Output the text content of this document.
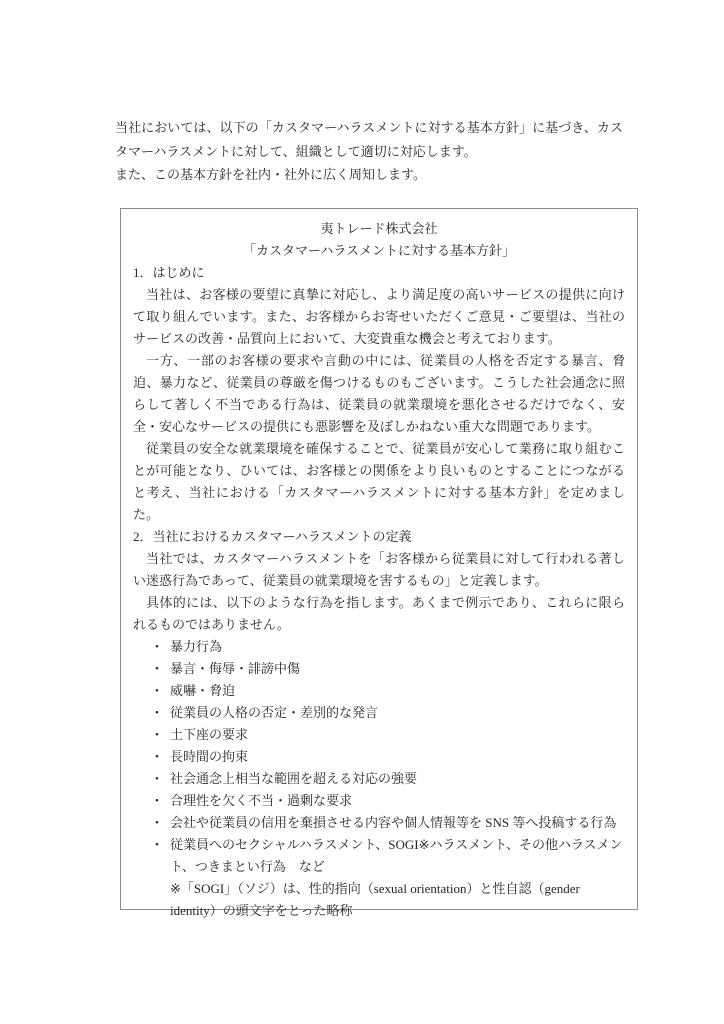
当社においては、以下の「カスタマーハラスメントに対する基本方針」に基づき、カスタマーハラスメントに対して、組織として適切に対応します。

また、この基本方針を社内・社外に広く周知します。

夷トレード株式会社

「カスタマーハラスメントに対する基本方針」

1．はじめに

当社は、お客様の要望に真摯に対応し、より満足度の高いサービスの提供に向けて取り組んでいます。また、お客様からお寄せいただくご意見・ご要望は、当社のサービスの改善・品質向上において、大変貴重な機会と考えております。

一方、一部のお客様の要求や言動の中には、従業員の人格を否定する暴言、脅迫、暴力など、従業員の尊厳を傷つけるものもございます。こうした社会通念に照らして著しく不当である行為は、従業員の就業環境を悪化させるだけでなく、安全・安心なサービスの提供にも悪影響を及ぼしかねない重大な問題であります。

従業員の安全な就業環境を確保することで、従業員が安心して業務に取り組むことが可能となり、ひいては、お客様との関係をより良いものとすることにつながると考え、当社における「カスタマーハラスメントに対する基本方針」を定めました。

2．当社におけるカスタマーハラスメントの定義

当社では、カスタマーハラスメントを「お客様から従業員に対して行われる著しい迷惑行為であって、従業員の就業環境を害するもの」と定義します。

具体的には、以下のような行為を指します。あくまで例示であり、これらに限られるものではありません。

• 暴力行為
• 暴言・侮辱・誹謗中傷
• 威嚇・脅迫
• 従業員の人格の否定・差別的な発言
• 土下座の要求
• 長時間の拘束
• 社会通念上相当な範囲を超える対応の強要
• 合理性を欠く不当・過剰な要求
• 会社や従業員の信用を棄損させる内容や個人情報等を SNS 等へ投稿する行為
• 従業員へのセクシャルハラスメント、SOGI※ハラスメント、その他ハラスメント、つきまとい行為　など

※「SOGI」（ソジ）は、性的指向（sexual orientation）と性自認（gender identity）の頭文字をとった略称
